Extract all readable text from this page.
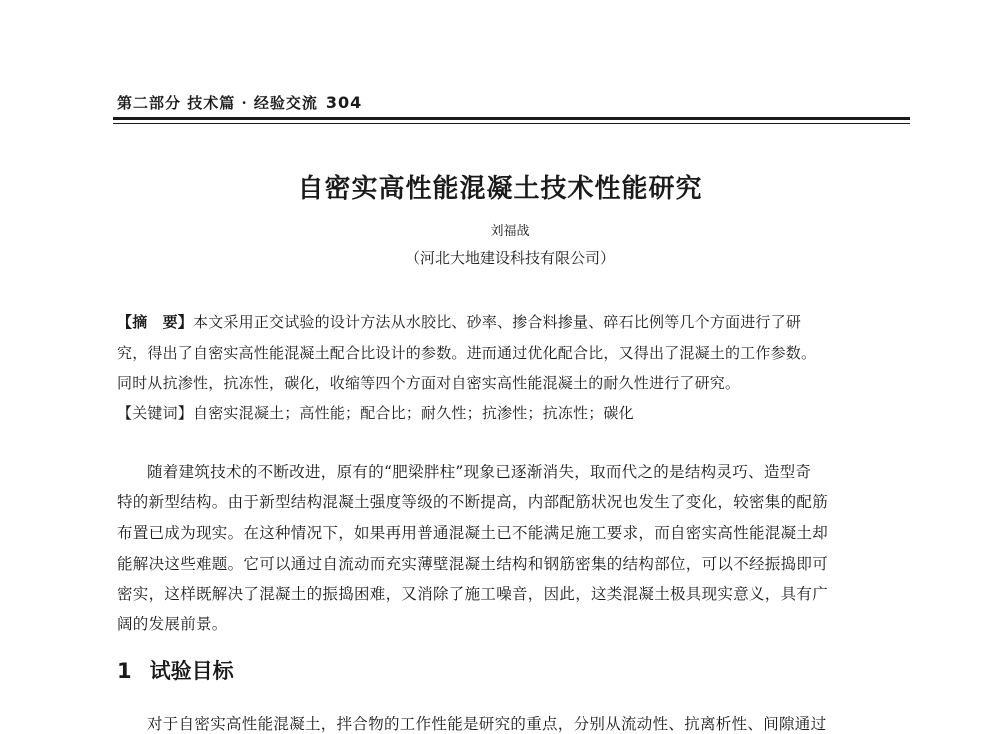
第二部分 技术篇 · 经验交流 304
自密实高性能混凝土技术性能研究
刘福战
（河北大地建设科技有限公司）
【摘　要】本文采用正交试验的设计方法从水胶比、砂率、掺合料掺量、碎石比例等几个方面进行了研
究，得出了自密实高性能混凝土配合比设计的参数。进而通过优化配合比，又得出了混凝土的工作参数。
同时从抗渗性，抗冻性，碳化，收缩等四个方面对自密实高性能混凝土的耐久性进行了研究。
【关键词】自密实混凝土；高性能；配合比；耐久性；抗渗性；抗冻性；碳化
随着建筑技术的不断改进，原有的“肥梁胖柱”现象已逐渐消失，取而代之的是结构灵巧、造型奇
特的新型结构。由于新型结构混凝土强度等级的不断提高，内部配筋状况也发生了变化，较密集的配筋
布置已成为现实。在这种情况下，如果再用普通混凝土已不能满足施工要求，而自密实高性能混凝土却
能解决这些难题。它可以通过自流动而充实薄壁混凝土结构和钢筋密集的结构部位，可以不经振捣即可
密实，这样既解决了混凝土的振捣困难，又消除了施工噪音，因此，这类混凝土极具现实意义，具有广
阔的发展前景。
1 试验目标
对于自密实高性能混凝土，拌合物的工作性能是研究的重点，分别从流动性、抗离析性、间隙通过
